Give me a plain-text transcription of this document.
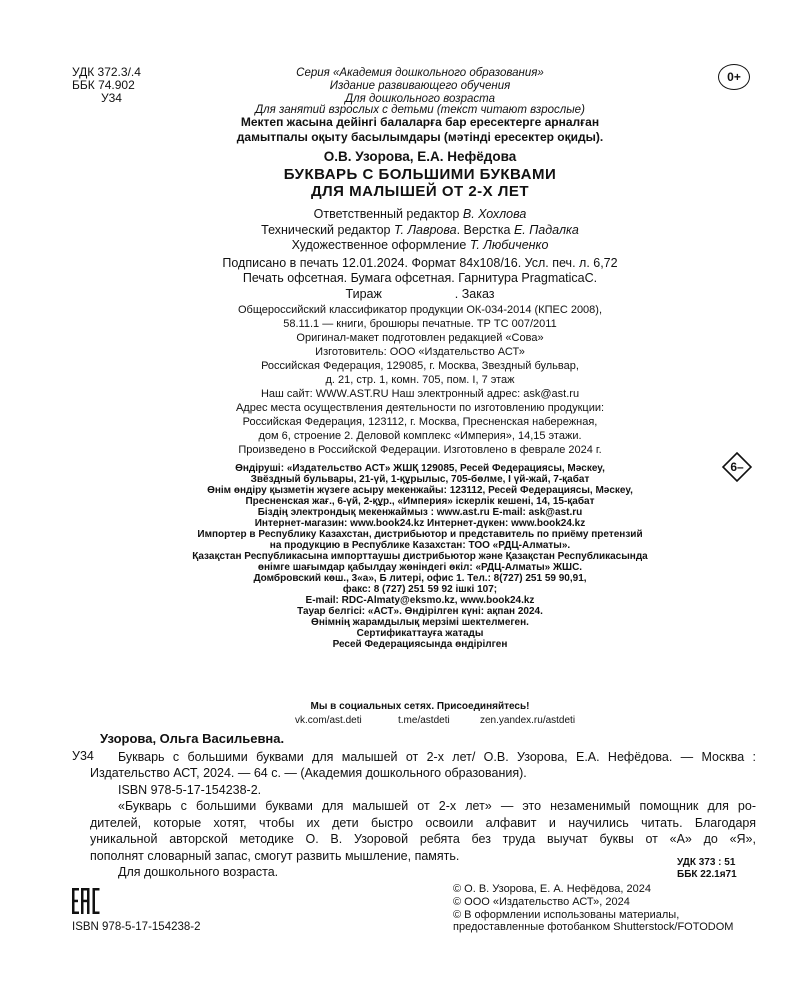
УДК 372.3/.4
ББК 74.902
У34
0+
Серия «Академия дошкольного образования»
Издание развивающего обучения
Для дошкольного возраста
Для занятий взрослых с детьми (текст читают взрослые)
Мектеп жасына дейінгі балаларға бар ересектерге арналған
дамытпалы оқыту басылымдары (мәтінді ересектер оқиды).
О.В. Узорова, Е.А. Нефёдова
БУКВАРЬ С БОЛЬШИМИ БУКВАМИ
ДЛЯ МАЛЫШЕЙ ОТ 2-Х ЛЕТ
Ответственный редактор В. Хохлова
Технический редактор Т. Лаврова. Верстка Е. Падалка
Художественное оформление Т. Любиченко
Подписано в печать 12.01.2024. Формат 84х108/16. Усл. печ. л. 6,72
Печать офсетная. Бумага офсетная. Гарнитура PragmaticaC.
Тираж                     . Заказ
Общероссийский классификатор продукции ОК-034-2014 (КПЕС 2008),
58.11.1 — книги, брошюры печатные. ТР ТС 007/2011
Оригинал-макет подготовлен редакцией «Сова»
Изготовитель: ООО «Издательство АСТ»
Российская Федерация, 129085, г. Москва, Звездный бульвар,
д. 21, стр. 1, комн. 705, пом. I, 7 этаж
Наш сайт: WWW.AST.RU Наш электронный адрес: ask@ast.ru
Адрес места осуществления деятельности по изготовлению продукции:
Российская Федерация, 123112, г. Москва, Пресненская набережная,
дом 6, строение 2. Деловой комплекс «Империя», 14,15 этажи.
Произведено в Российской Федерации. Изготовлено в феврале 2024 г.
6–
Өндіруші: «Издательство АСТ» ЖШҚ 129085, Ресей Федерациясы, Мәскеу,
Звёздный бульвары, 21-үй, 1-құрылыс, 705-бөлме, I үй-жай, 7-қабат
Өнім өндіру қызметін жүзеге асыру мекенжайы: 123112, Ресей Федерациясы, Мәскеу,
Пресненская жағ., 6-үй, 2-құр., «Империя» іскерлік кешені, 14, 15-қабат
Біздің электрондық мекенжаймыз : www.ast.ru E-mail: ask@ast.ru
Интернет-магазин: www.book24.kz Интернет-дүкен: www.book24.kz
Импортер в Республику Казахстан, дистрибьютор и представитель по приёму претензий
на продукцию в Республике Казахстан: ТОО «РДЦ-Алматы».
Қазақстан Республикасына импорттаушы дистрибьютор және Қазақстан Республикасында
өнімге шағымдар қабылдау жөніндегі өкіл: «РДЦ-Алматы» ЖШС.
Домбровский көш., 3«а», Б литері, офис 1. Тел.: 8(727) 251 59 90,91,
факс: 8 (727) 251 59 92 ішкі 107;
E-mail: RDC-Almaty@eksmo.kz, www.book24.kz
Тауар белгісі: «АСТ». Өндірілген күні: ақпан 2024.
Өнімнің жарамдылық мерзімі шектелмеген.
Сертификаттауға жатады
Ресей Федерациясында өндірілген
Мы в социальных сетях. Присоединяйтесь!
vk.com/ast.deti	t.me/astdeti	zen.yandex.ru/astdeti
Узорова, Ольга Васильевна.
У34 Букварь с большими буквами для малышей от 2-х лет/ О.В. Узорова, Е.А. Нефёдова. — Москва :

Издательство АСТ, 2024. — 64 с. — (Академия дошкольного образования).

ISBN 978-5-17-154238-2.

«Букварь с большими буквами для малышей от 2-х лет» — это незаменимый помощник для ро-

дителей, которые хотят, чтобы их дети быстро освоили алфавит и научились читать. Благодаря

уникальной авторской методике О. В. Узоровой ребята без труда выучат буквы от «А» до «Я»,

пополнят словарный запас, смогут развить мышление, память.

Для дошкольного возраста.

УДК 373 : 51
ББК 22.1я71
ISBN 978-5-17-154238-2
© О. В. Узорова, Е. А. Нефёдова, 2024
© ООО «Издательство АСТ», 2024
© В оформлении использованы материалы,
предоставленные фотобанком Shutterstock/FOTODOM
